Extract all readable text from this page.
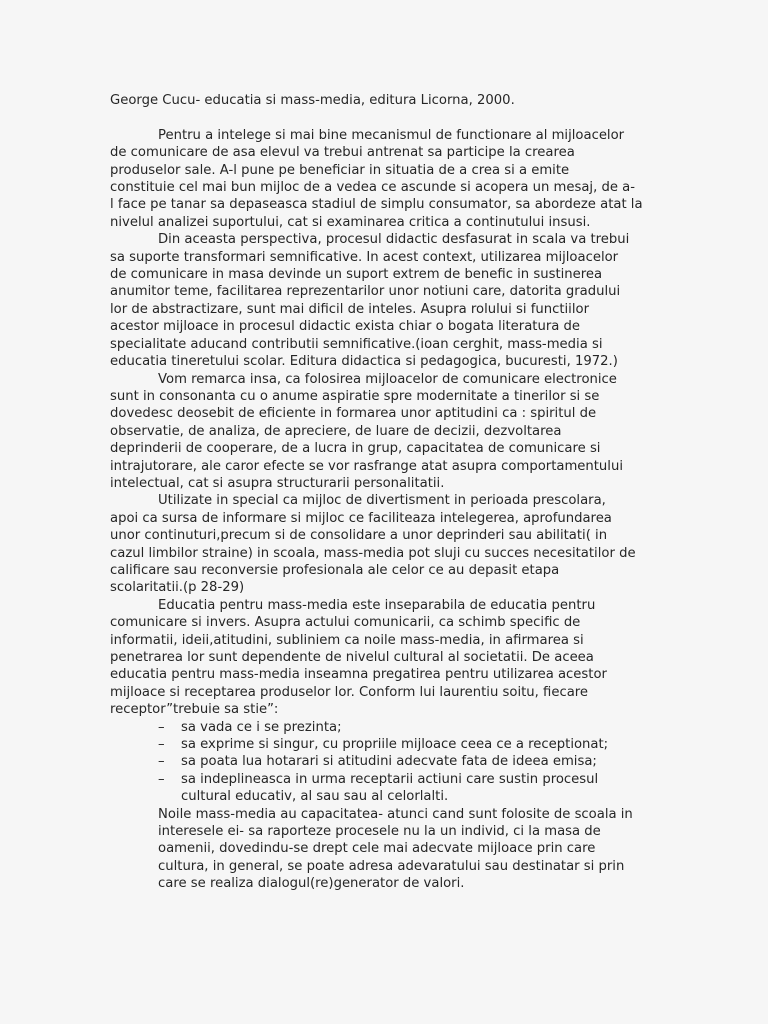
George Cucu- educatia si mass-media, editura Licorna, 2000.
Pentru a intelege si mai bine mecanismul de functionare al mijloacelor
de comunicare de asa elevul va trebui antrenat sa participe la crearea
produselor sale. A-l pune pe beneficiar in situatia de a crea si a emite
constituie cel mai bun mijloc de a vedea ce ascunde si acopera un mesaj, de a-
l face pe tanar sa depaseasca stadiul de simplu consumator, sa abordeze atat la
nivelul analizei suportului, cat si examinarea critica a continutului insusi.
Din aceasta perspectiva, procesul didactic desfasurat in scala va trebui
sa suporte transformari semnificative. In acest context, utilizarea mijloacelor
de comunicare in masa devinde un suport extrem de benefic in sustinerea
anumitor teme, facilitarea reprezentarilor unor notiuni care, datorita gradului
lor de abstractizare, sunt mai dificil de inteles. Asupra rolului si functiilor
acestor mijloace in procesul didactic exista chiar o bogata literatura de
specialitate aducand contributii semnificative.(ioan cerghit, mass-media si
educatia tineretului scolar. Editura didactica si pedagogica, bucuresti, 1972.)
Vom remarca insa, ca folosirea mijloacelor de comunicare electronice
sunt in consonanta cu o anume aspiratie spre modernitate a tinerilor si se
dovedesc deosebit de eficiente in formarea unor aptitudini ca : spiritul de
observatie, de analiza, de apreciere, de luare de decizii, dezvoltarea
deprinderii de cooperare, de a lucra in grup, capacitatea de comunicare si
intrajutorare, ale caror efecte se vor rasfrange atat asupra comportamentului
intelectual, cat si asupra structurarii personalitatii.
Utilizate in special ca mijloc de divertisment in perioada prescolara,
apoi ca sursa de informare si mijloc ce faciliteaza intelegerea, aprofundarea
unor continuturi,precum si de consolidare a unor deprinderi sau abilitati( in
cazul limbilor straine) in scoala, mass-media pot sluji cu succes necesitatilor de
calificare sau reconversie profesionala ale celor ce au depasit etapa
scolaritatii.(p 28-29)
Educatia pentru mass-media este inseparabila de educatia pentru
comunicare si invers. Asupra actului comunicarii, ca schimb specific de
informatii, ideii,atitudini, subliniem ca noile mass-media, in afirmarea si
penetrarea lor sunt dependente de nivelul cultural al societatii. De aceea
educatia pentru mass-media inseamna pregatirea pentru utilizarea acestor
mijloace si receptarea produselor lor. Conform lui laurentiu soitu, fiecare
receptor”trebuie sa stie”:
–	sa vada ce i se prezinta;
–	sa exprime si singur, cu propriile mijloace ceea ce a receptionat;
–	sa poata lua hotarari si atitudini adecvate fata de ideea emisa;
–	sa indeplineasca in urma receptarii actiuni care sustin procesul
cultural educativ, al sau sau al celorlalti.
Noile mass-media au capacitatea- atunci cand sunt folosite de scoala in
interesele ei- sa raporteze procesele nu la un individ, ci la masa de
oamenii, dovedindu-se drept cele mai adecvate mijloace prin care
cultura, in general, se poate adresa adevaratului sau destinatar si prin
care se realiza dialogul(re)generator de valori.
